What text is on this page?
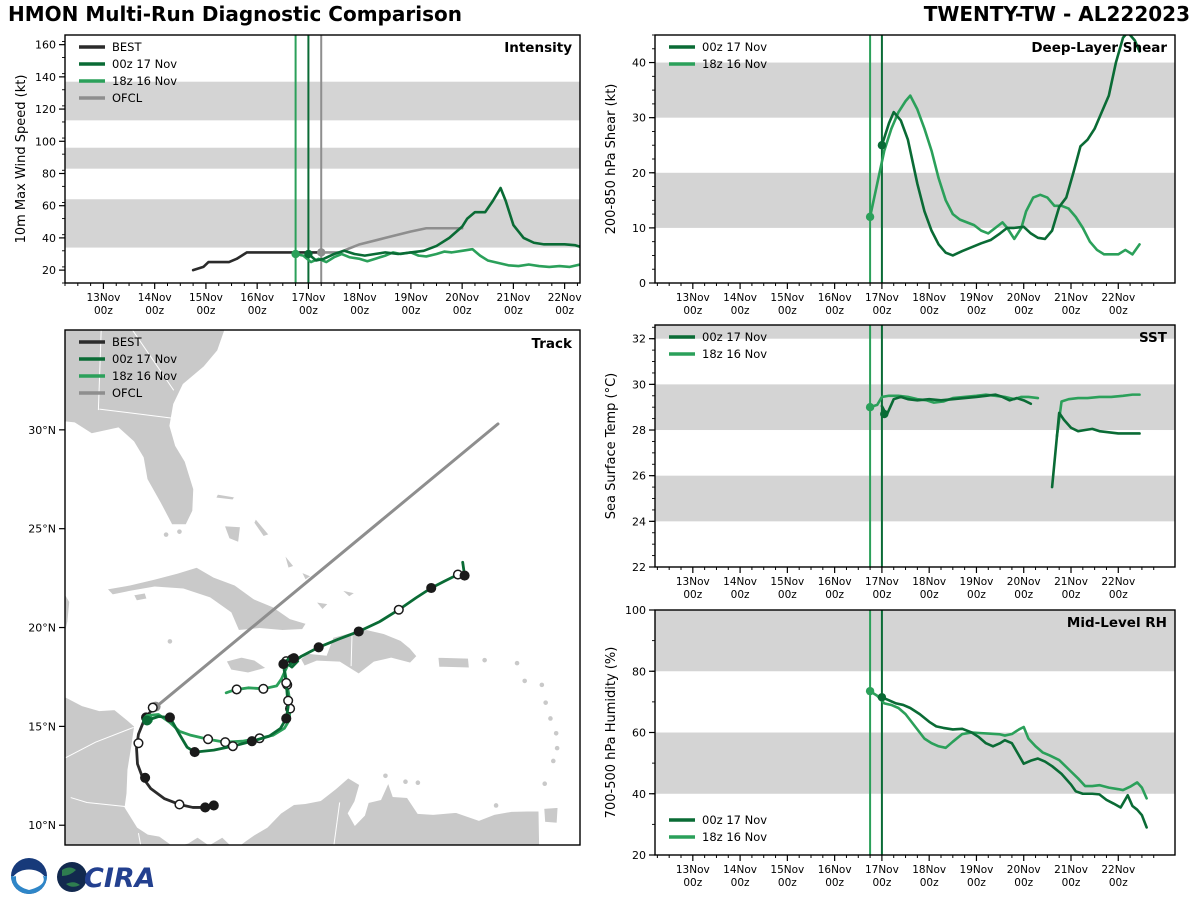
HMON Multi-Run Diagnostic Comparison	TWENTY-TW - AL222023
13Nov
00z
14Nov
00z
15Nov
00z
16Nov
00z
17Nov
00z
18Nov
00z
19Nov
00z
20Nov
00z
21Nov
00z
22Nov
00z
20
40
60
80
100
120
140
160
10m Max Wind Speed (kt)
Intensity
BEST
00z 17 Nov
18z 16 Nov
OFCL
13Nov
00z
14Nov
00z
15Nov
00z
16Nov
00z
17Nov
00z
18Nov
00z
19Nov
00z
20Nov
00z
21Nov
00z
22Nov
00z
0
10
20
30
40
200-850 hPa Shear (kt)
Deep-Layer Shear
00z 17 Nov
18z 16 Nov
13Nov
00z
14Nov
00z
15Nov
00z
16Nov
00z
17Nov
00z
18Nov
00z
19Nov
00z
20Nov
00z
21Nov
00z
22Nov
00z
22
24
26
28
30
32
Sea Surface Temp (°C)
SST
00z 17 Nov
18z 16 Nov
13Nov
00z
14Nov
00z
15Nov
00z
16Nov
00z
17Nov
00z
18Nov
00z
19Nov
00z
20Nov
00z
21Nov
00z
22Nov
00z
20
40
60
80
100
700-500 hPa Humidity (%)
Mid-Level RH
00z 17 Nov
18z 16 Nov
10°N
15°N
20°N
25°N
30°N
Track
BEST
00z 17 Nov
18z 16 Nov
OFCL
CIRA
